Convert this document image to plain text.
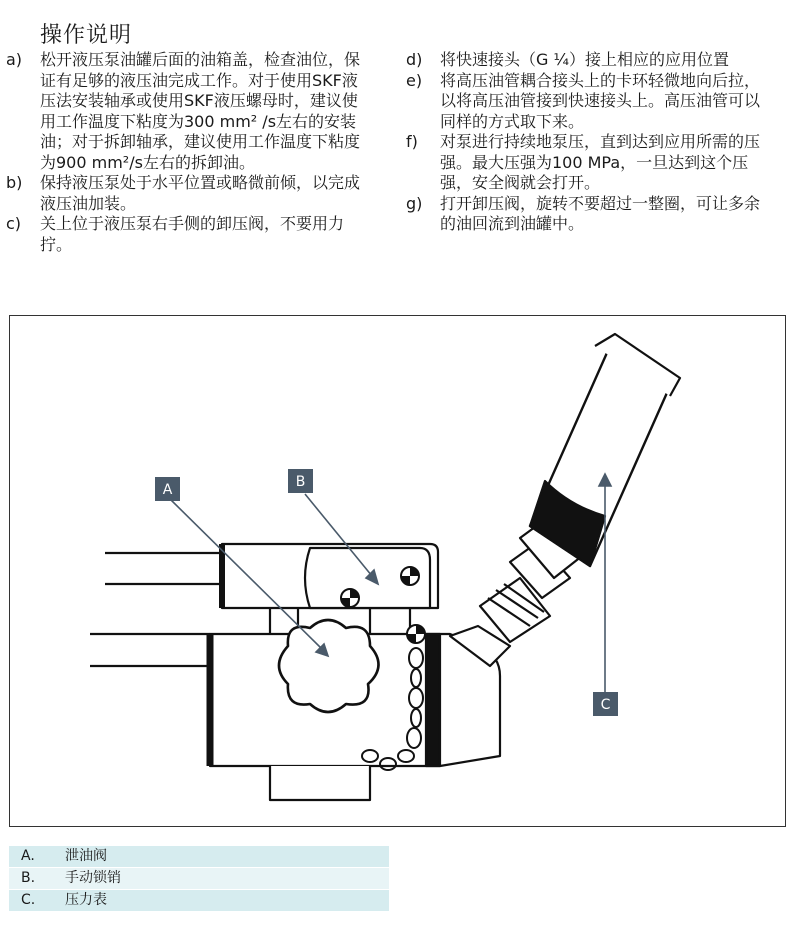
操作说明
a)	松开液压泵油罐后面的油箱盖，检查油位，保证有足够的液压油完成工作。对于使用SKF液压法安装轴承或使用SKF液压螺母时，建议使用工作温度下粘度为300 mm² /s左右的安装油；对于拆卸轴承，建议使用工作温度下粘度为900 mm²/s左右的拆卸油。
b)	保持液压泵处于水平位置或略微前倾，以完成液压油加装。
c)	关上位于液压泵右手侧的卸压阀，不要用力拧。
d)	将快速接头（G ¼）接上相应的应用位置
e)	将高压油管耦合接头上的卡环轻微地向后拉，以将高压油管接到快速接头上。高压油管可以同样的方式取下来。
f)	对泵进行持续地泵压，直到达到应用所需的压强。最大压强为100 MPa，一旦达到这个压强，安全阀就会打开。
g)	打开卸压阀，旋转不要超过一整圈，可让多余的油回流到油罐中。
A	B
C
A.	泄油阀
B.	手动锁销
C.	压力表
